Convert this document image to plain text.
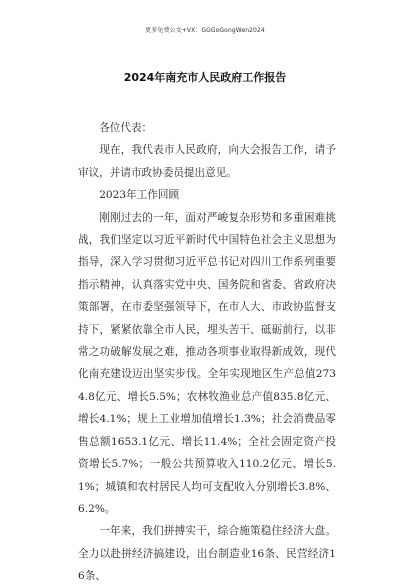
更多免费公文+VX：GGGoGongWen2024
2024年南充市人民政府工作报告

各位代表：

现在，我代表市人民政府，向大会报告工作，请予审议，并请市政协委员提出意见。

2023年工作回顾

刚刚过去的一年，面对严峻复杂形势和多重困难挑战，我们坚定以习近平新时代中国特色社会主义思想为指导，深入学习贯彻习近平总书记对四川工作系列重要指示精神，认真落实党中央、国务院和省委、省政府决策部署，在市委坚强领导下，在市人大、市政协监督支持下，紧紧依靠全市人民，埋头苦干、砥砺前行，以非常之功破解发展之难，推动各项事业取得新成效，现代化南充建设迈出坚实步伐。全年实现地区生产总值2734.8亿元、增长5.5%；农林牧渔业总产值835.8亿元、增长4.1%；规上工业增加值增长1.3%；社会消费品零售总额1653.1亿元、增长11.4%；全社会固定资产投资增长5.7%；一般公共预算收入110.2亿元、增长5.1%；城镇和农村居民人均可支配收入分别增长3.8%、6.2%。

一年来，我们拼搏实干，综合施策稳住经济大盘。全力以赴拼经济搞建设，出台制造业16条、民营经济16条、
